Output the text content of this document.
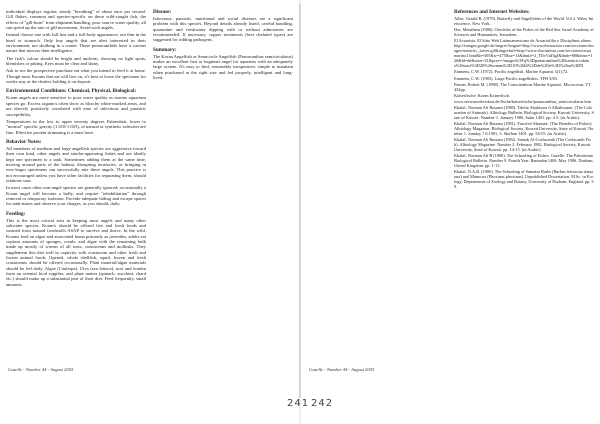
individual displays regular, steady "breathing" of about once per second. Gill flukes, common and species-specific on these wild-caught fish, the effects of "gill-burn" from shipment/handling, poor source water quality, all can speed up the rate of gill movement. Avoid such angels.

Instead choose one with full fins and a full-body appearance, not thin in the head or stomach. Only buy angels that are alert interested in their environment, not skulking in a corner. These pomacanthids have a curious nature that mirrors their intelligence.

The fish's colour should be bright and uniform, showing no light spots, blemishes or pitting. Eyes must be clear and shiny.

Ask to see the prospective purchase eat what you intend to feed it at home. Though most Korans that eat will live on, it's best to leave the specimen for weeks stay at the dealers holding it on deposit.

Environmental Conditions: Chemical, Physical, Biological:

Koran angels are more sensitive to poor water quality as marine aquarium species go. Excess organics often show as blotchy white-marked areas, and are directly positively correlated with ease of infectious and parasitic susceptibility.

Temperatures in the low to upper seventy degrees Fahrenheit, lower to "normal" specific gravity (1.018-1.025), of natural or synthetic saltwater are fine. Effective protein skimming is a must have.

Behavior Notes:

All members of medium and large angelfish species are aggressive toward their own kind, other angels and similar-appearing fishes and are ideally kept one specimen to a tank. Sometimes adding them at the same time, moving around parts of the habitat, disrupting territories, or bringing in ever-larger specimens can successfully mix these angels. This practice is not encouraged unless you have other facilities for separating them, should relations sour.

In most cases other non-angel species are generally ignored; occasionally a Koran angel will become a bully, and require "rehabilitation" through removal or temporary isolation. Provide adequate hiding and escape spaces for tank-mates and observe your charges, as you should, daily.

Feeding:

This is the most critical area in keeping most angels and many other saltwater species. Koran's should be offered live and fresh foods and weaned from natural foodstuffs ASAP to survive and thrive. In the wild, Korans feed on algae and associated fauna primarily as juveniles, adults eat copious amounts of sponges, corals, and algae with the remaining bulk made up mostly of worms of all sorts, crustaceans and mollusks. They supplement this diet well in captivity with crustacean and other fresh and frozen animal foods. Opened, whole shellfish, squid, frozen and fresh crustaceans should be offered occasionally. Plant material/algae materials should be fed daily. Algae (Caulerpa), Ulva (sea lettuce), nori and kombu from an oriental food supplier, and plant matter (spinach, zucchini, chard etc.) should make up a substantial part of their diet. Feed frequently, small amounts.

Disease:

Infectious, parasitic, nutritional and social diseases are a significant problem with this species. Beyond details already listed, careful handling, quarantine and freshwater dipping with or without admixtures are recommended. If necessary, copper treatments (best chelated types) are suggested for ridding pathogens.

Summary:

The Koran Angelfish or Semicircle Angelfish (Pomacanthus semicirculatus) makes an excellent first or beginner angel for aquarists with an adequately large system. It's easy to find, reasonably inexpensive, simple to maintain when purchased at the right size and fed properly, intelligent and long-lived.

Gazelle - Number 44 - August 2005
References and Internet Websites:

Allen, Gerald R. (1979). Butterfly and Angelfishes of the World. Vol 2. Wiley Interscience, New York.

Dor, Menahem (1986). Checklist of the Fishes of the Red Sea. Israel Academy of Sciences and Humanities, Jerusalem.

El Acuarista. El Sitio Web Latinoamericano de Acuariofilia y Disciplinas afines. http://images.google.de/imgres?imgurl=http://www.elacuarista.com/secciones/images/semicirc_larver.gif&imgrefurl=http://www.elacuarista.com/secciones/acuamarino1.htm&h=305&w=475&sz=13&tbnid=2_TIfvVuI5gJ&tbnh=80&tbnw=126&hl=de&start=21&prev=/images%3Fq%3Dpomacanthus%2Bsemicirculatus%26start%3D20%26svnum%3D10%26hl%3Dde%26lr%3D%26sa%3DN

Emmens, C.W. (1972). Pacific angelfish. Marine Aquarist 3(1):72.

Emmens, C.W. (1983). Large Pacific angelfishes. TFH 3/83.

Fenner, Robert M. (1998). The Conscientious Marine Aquarist. Microcosm, VT. 432pp.

Kaiserfische: Koran Kaiserfisch.

www.seewasserlexikon.de/fische/kaiserfische/pomacanthus_semicirculatus.htm

Khalaf, Norman Ali Bassam (1980). Tabi'at Abulawen fi Albahwanat. (The Colouration of Animals). Albiology Bulletin, Biological Society, Kuwait University, State of Kuwait. Number 1. January 1980, Safar 1401. pp. 4-5. (in Arabic).

Khalaf, Norman Ali Bassam (1981). Fawa'ed Alasmak. (The Benefits of Fishes). Albiology Magazine, Biological Society, Kuwait University, State of Kuwait. Number 1. Sunday 7.6.1981, 5. Sha'ban 1401. pp. 54-55. (in Arabic).

Khalaf, Norman Ali Bassam (1982). Samak Al-Coelacanth (The Coelacanth Fish). Albiology Magazine. Number 2. February 1982. Biological Society, Kuwait University, State of Kuwait. pp. 14-15. (in Arabic).

Khalaf, Norman Ali B (1986). The Schooling of Fishes. Gazelle: The Palestinian Biological Bulletin. Number 9. Fourth Year. Ramadan 1406. May 1986. Durham, United Kingdom. pp. 1-13.

Khalaf, N.A.B. (1986). The Schooling of Sumatra Barbs (Barbus tetrazona tetrazona) and Minnows (Phoxinus phoxinus). Unpublished Dissertation, M.Sc. in Ecology, Departments of Zoology and Botany, University of Durham, England. pp. 59.

Gazelle - Number 44 - August 2005
241 242
